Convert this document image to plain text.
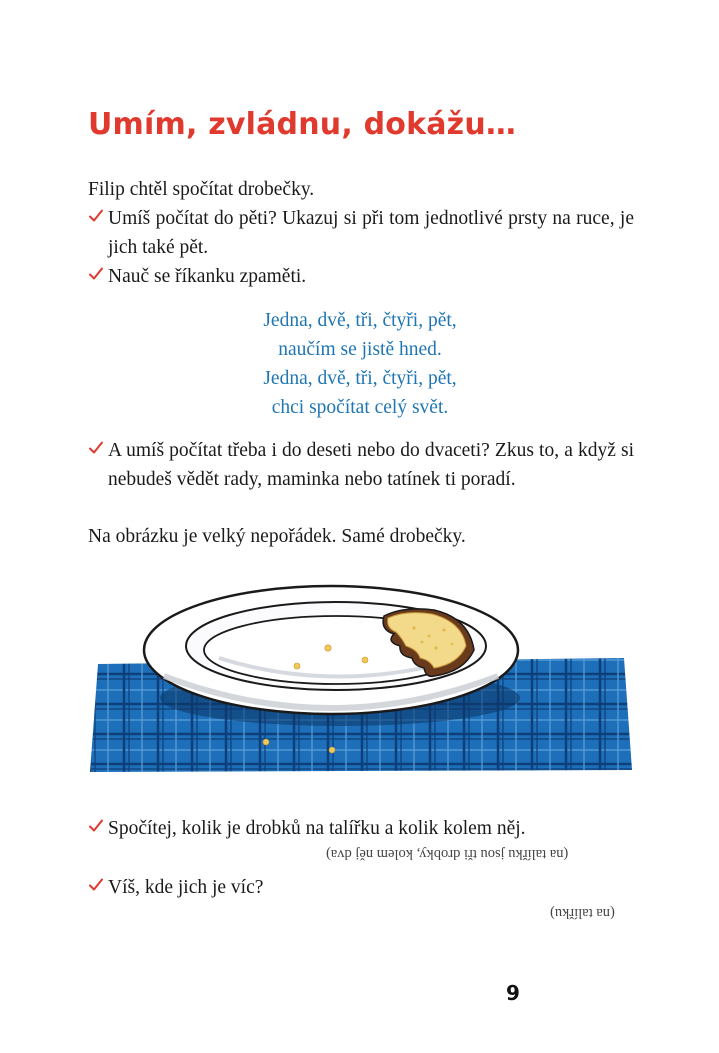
Umím, zvládnu, dokážu…
Filip chtěl spočítat drobečky.
Umíš počítat do pěti? Ukazuj si při tom jednotlivé prsty na ruce, je jich také pět.
Nauč se říkanku zpaměti.
Jedna, dvě, tři, čtyři, pět,
naučím se jistě hned.
Jedna, dvě, tři, čtyři, pět,
chci spočítat celý svět.
A umíš počítat třeba i do deseti nebo do dvaceti? Zkus to, a když si nebudeš vědět rady, maminka nebo tatínek ti poradí.
Na obrázku je velký nepořádek. Samé drobečky.
Spočítej, kolik je drobků na talířku a kolik kolem něj.
(na talířku jsou tři drobky, kolem něj dva)
Víš, kde jich je víc?
(na talířku)
9
